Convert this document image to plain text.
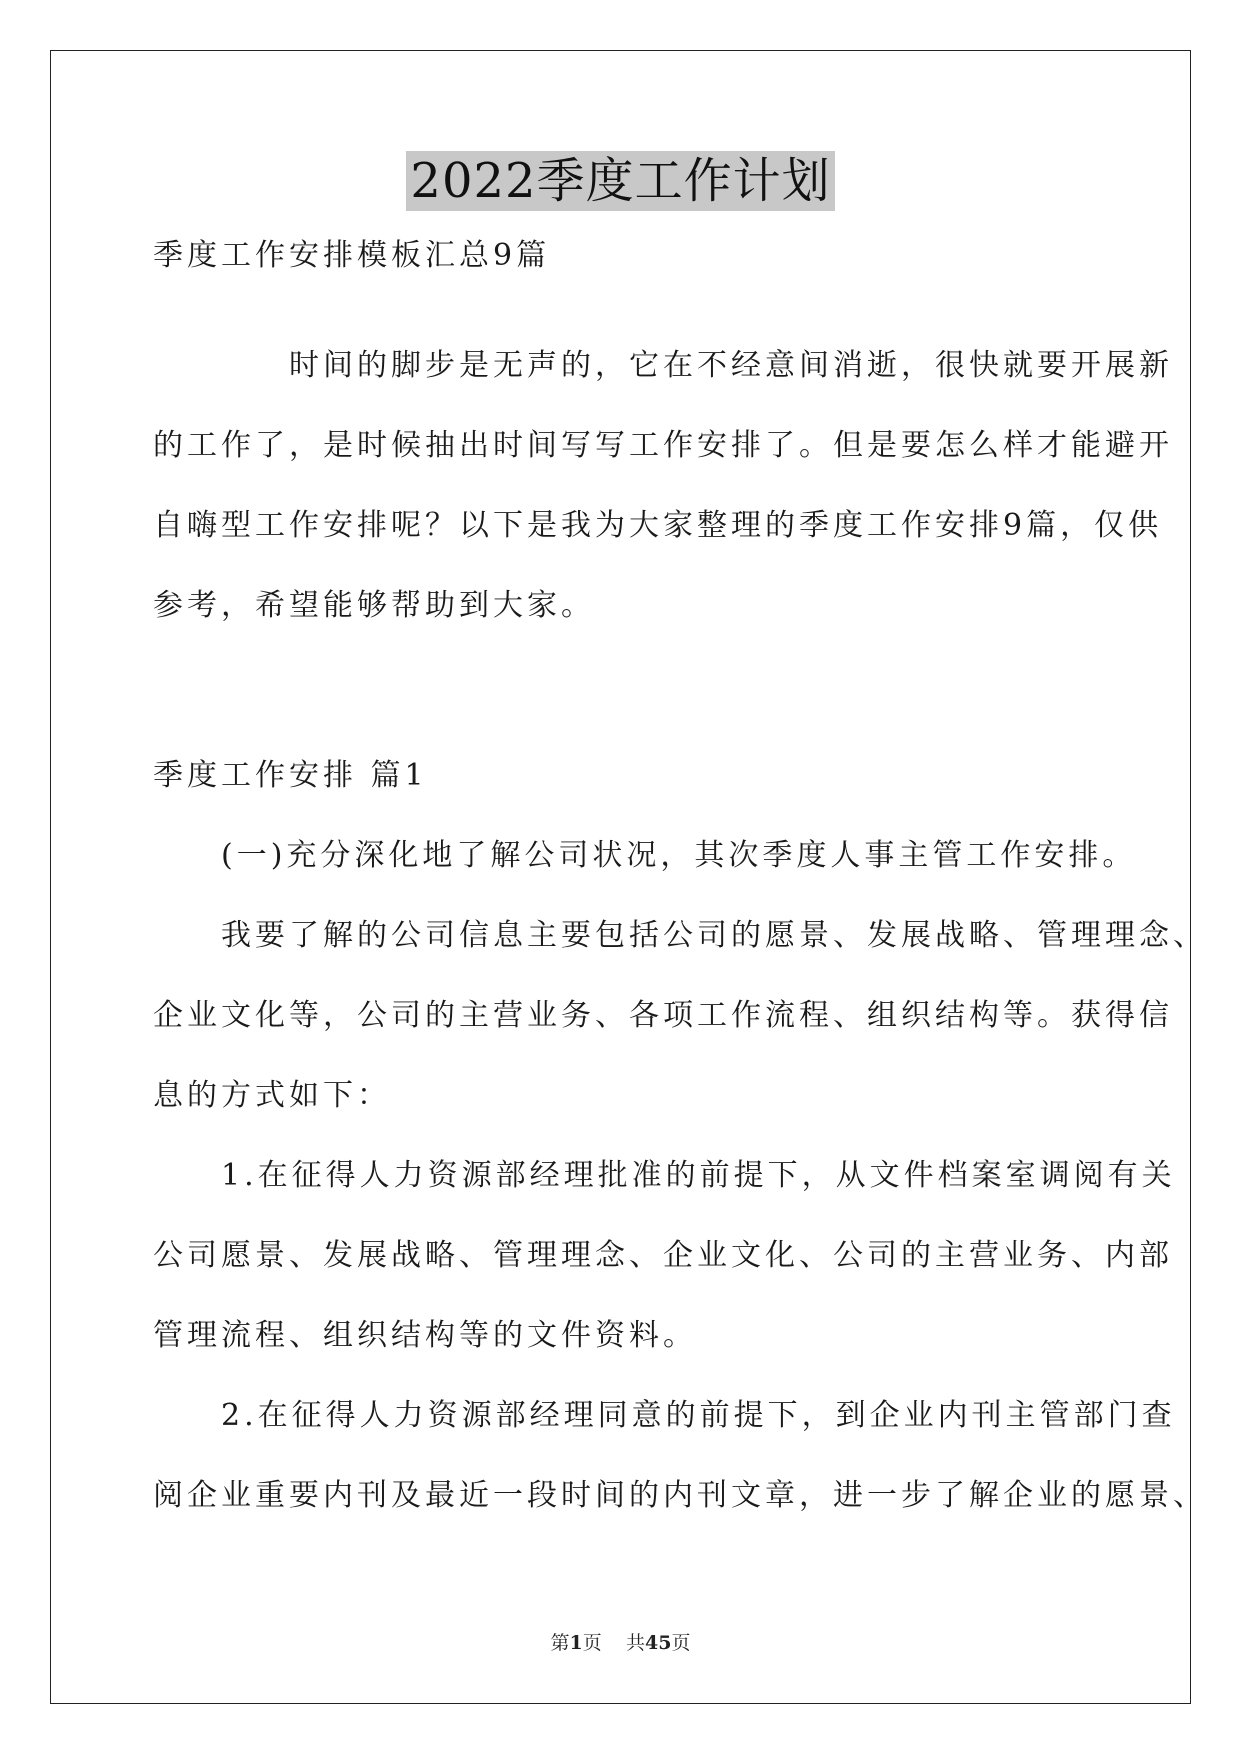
2022季度工作计划
季度工作安排模板汇总9篇
　　　　时间的脚步是无声的，它在不经意间消逝，很快就要开展新
的工作了，是时候抽出时间写写工作安排了。但是要怎么样才能避开
自嗨型工作安排呢？以下是我为大家整理的季度工作安排9篇，仅供
参考，希望能够帮助到大家。
季度工作安排 篇1
　　(一)充分深化地了解公司状况，其次季度人事主管工作安排。
　　我要了解的公司信息主要包括公司的愿景、发展战略、管理理念、
企业文化等，公司的主营业务、各项工作流程、组织结构等。获得信
息的方式如下：
　　1.在征得人力资源部经理批准的前提下，从文件档案室调阅有关
公司愿景、发展战略、管理理念、企业文化、公司的主营业务、内部
管理流程、组织结构等的文件资料。
　　2.在征得人力资源部经理同意的前提下，到企业内刊主管部门查
阅企业重要内刊及最近一段时间的内刊文章，进一步了解企业的愿景、
第1页 共45页
